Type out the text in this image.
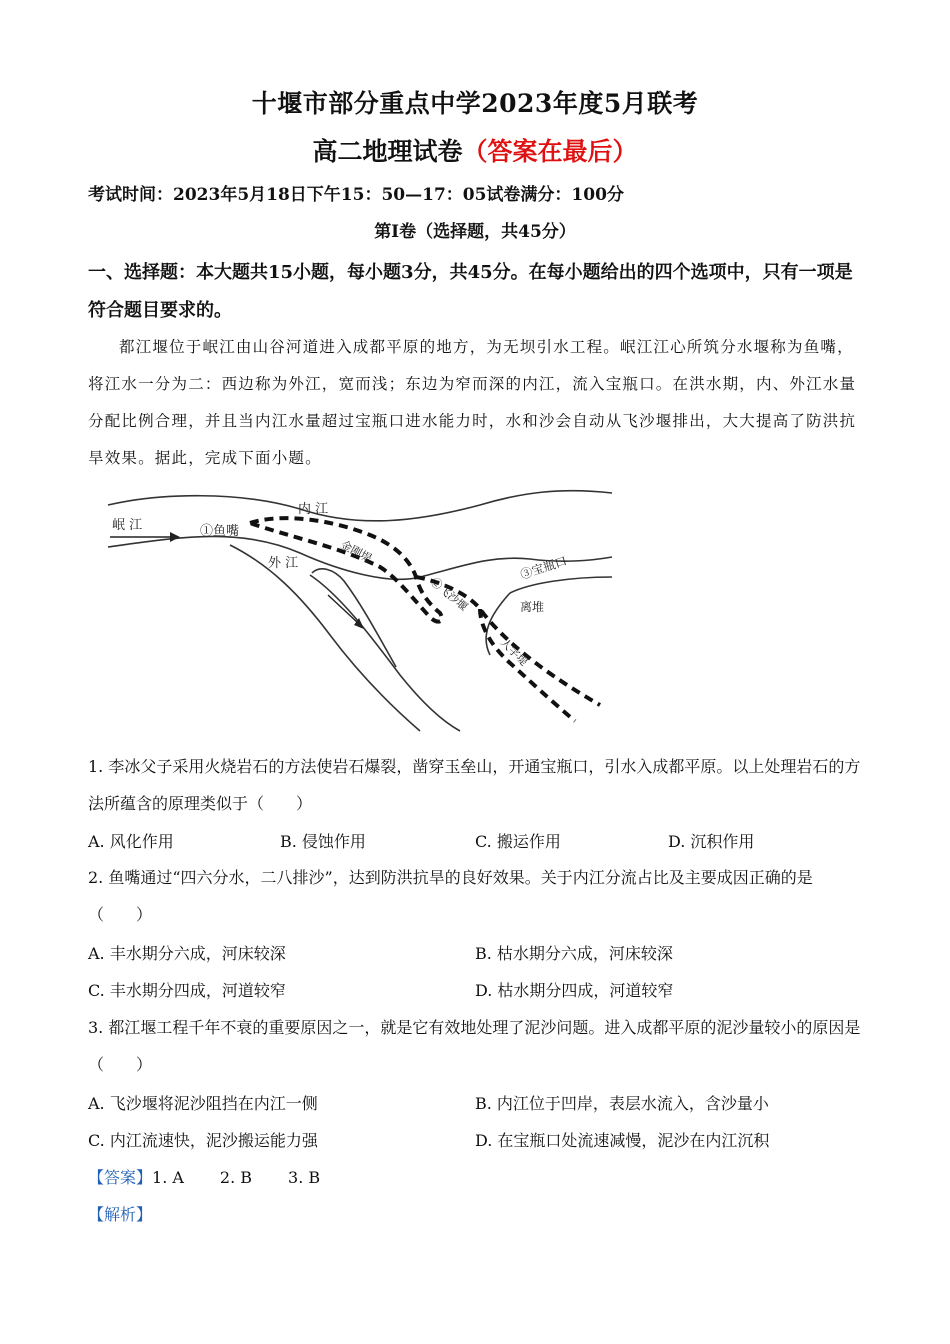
十堰市部分重点中学2023年度5月联考
高二地理试卷（答案在最后）
考试时间：2023年5月18日下午15：50—17：05试卷满分：100分
第Ⅰ卷（选择题，共45分）
一、选择题：本大题共15小题，每小题3分，共45分。在每小题给出的四个选项中，只有一项是符合题目要求的。
都江堰位于岷江由山谷河道进入成都平原的地方，为无坝引水工程。岷江江心所筑分水堰称为鱼嘴，将江水一分为二：西边称为外江，宽而浅；东边为窄而深的内江，流入宝瓶口。在洪水期，内、外江水量分配比例合理，并且当内江水量超过宝瓶口进水能力时，水和沙会自动从飞沙堰排出，大大提高了防洪抗旱效果。据此，完成下面小题。
岷 江	①鱼嘴
内 江
外 江	金刚堤
②飞沙堰
③宝瓶口
离堆
人字堤
1. 李冰父子采用火烧岩石的方法使岩石爆裂，凿穿玉垒山，开通宝瓶口，引水入成都平原。以上处理岩石的方法所蕴含的原理类似于（　　）
A. 风化作用	B. 侵蚀作用	C. 搬运作用	D. 沉积作用
2. 鱼嘴通过“四六分水，二八排沙”，达到防洪抗旱的良好效果。关于内江分流占比及主要成因正确的是（　　）
A. 丰水期分六成，河床较深	B. 枯水期分六成，河床较深
C. 丰水期分四成，河道较窄	D. 枯水期分四成，河道较窄
3. 都江堰工程千年不衰的重要原因之一，就是它有效地处理了泥沙问题。进入成都平原的泥沙量较小的原因是（　　）
A. 飞沙堰将泥沙阻挡在内江一侧	B. 内江位于凹岸，表层水流入，含沙量小
C. 内江流速快，泥沙搬运能力强	D. 在宝瓶口处流速减慢，泥沙在内江沉积
【答案】1. A 2. B 3. B
【解析】
